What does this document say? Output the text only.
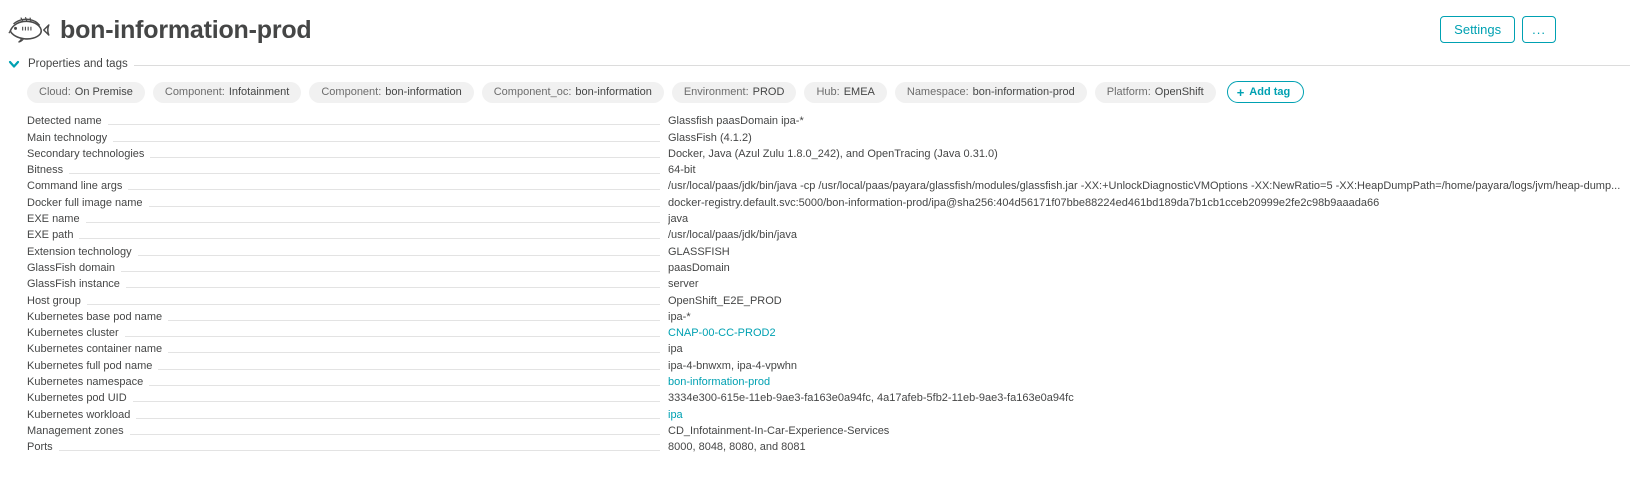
bon-information-prod	Settings	...
Properties and tags
Cloud: On Premise	Component: Infotainment	Component: bon-information	Component_oc: bon-information	Environment: PROD	Hub: EMEA	Namespace: bon-information-prod	Platform: OpenShift	+ Add tag
Detected name	Glassfish paasDomain ipa-*
Main technology	GlassFish (4.1.2)
Secondary technologies	Docker, Java (Azul Zulu 1.8.0_242), and OpenTracing (Java 0.31.0)
Bitness	64-bit
Command line args	/usr/local/paas/jdk/bin/java -cp /usr/local/paas/payara/glassfish/modules/glassfish.jar -XX:+UnlockDiagnosticVMOptions -XX:NewRatio=5 -XX:HeapDumpPath=/home/payara/logs/jvm/heap-dump...
Docker full image name	docker-registry.default.svc:5000/bon-information-prod/ipa@sha256:404d56171f07bbe88224ed461bd189da7b1cb1cceb20999e2fe2c98b9aaada66
EXE name	java
EXE path	/usr/local/paas/jdk/bin/java
Extension technology	GLASSFISH
GlassFish domain	paasDomain
GlassFish instance	server
Host group	OpenShift_E2E_PROD
Kubernetes base pod name	ipa-*
Kubernetes cluster	CNAP-00-CC-PROD2
Kubernetes container name	ipa
Kubernetes full pod name	ipa-4-bnwxm, ipa-4-vpwhn
Kubernetes namespace	bon-information-prod
Kubernetes pod UID	3334e300-615e-11eb-9ae3-fa163e0a94fc, 4a17afeb-5fb2-11eb-9ae3-fa163e0a94fc
Kubernetes workload	ipa
Management zones	CD_Infotainment-In-Car-Experience-Services
Ports	8000, 8048, 8080, and 8081
